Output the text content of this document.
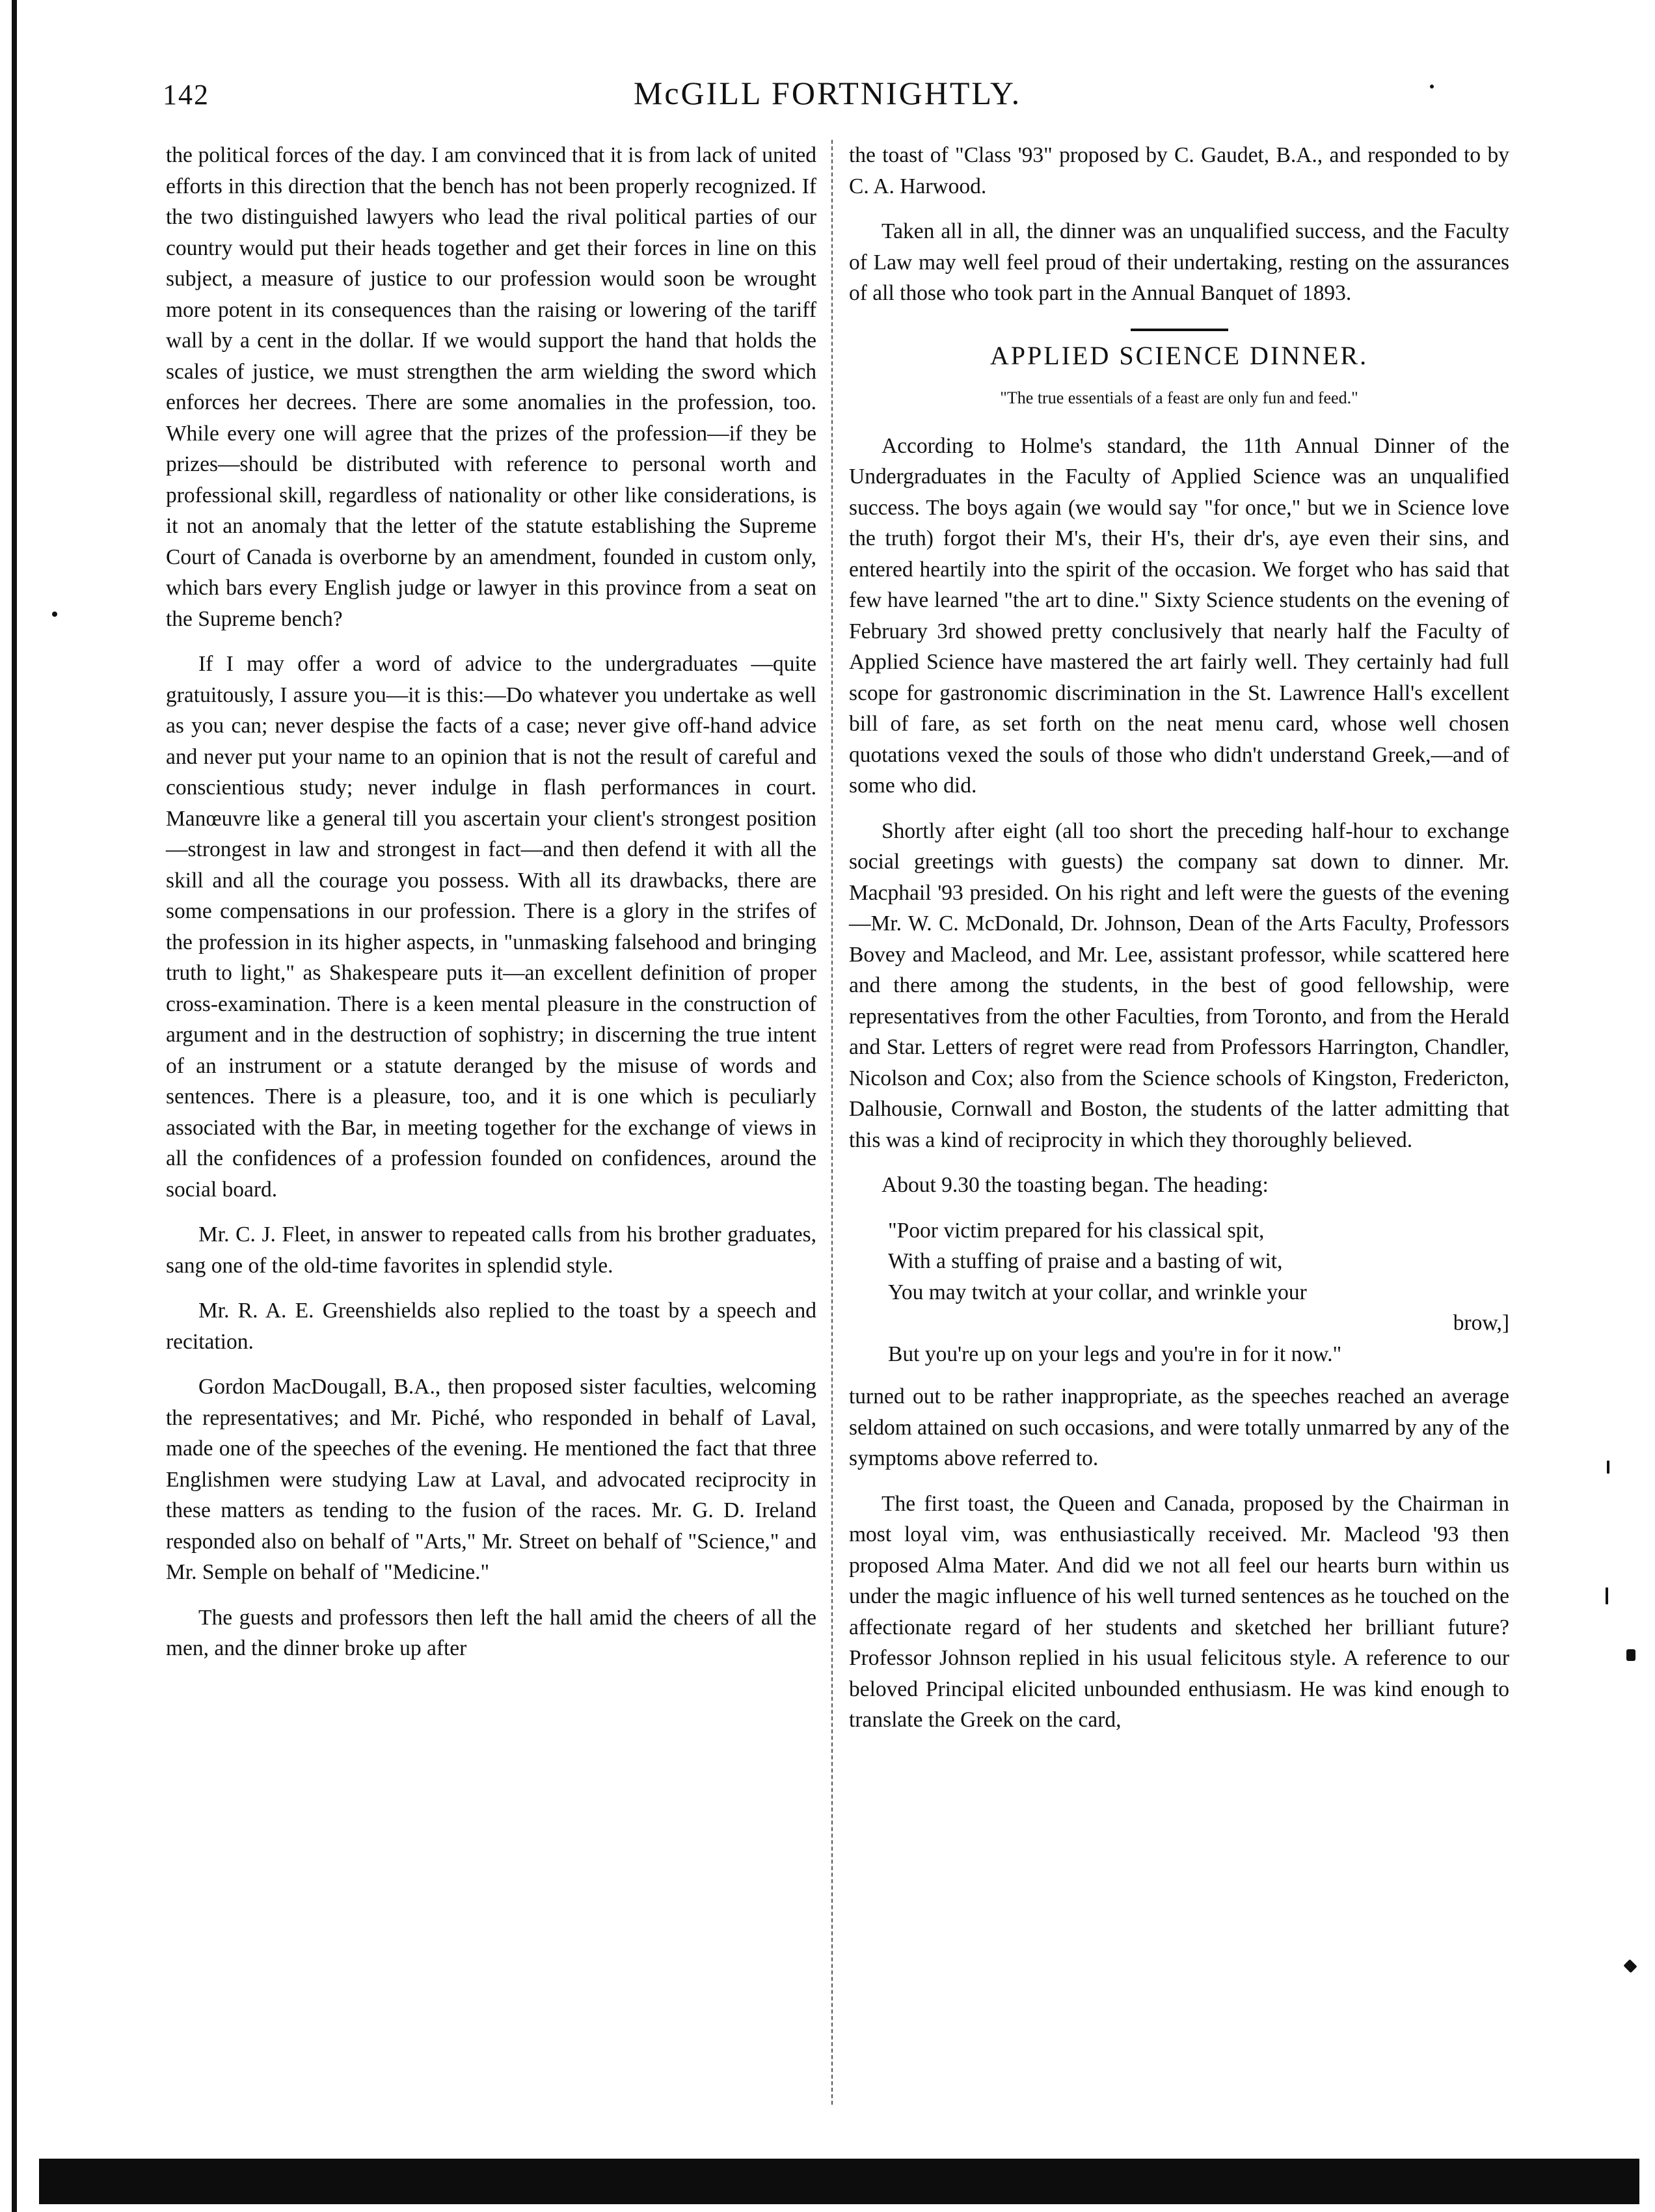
142	McGILL FORTNIGHTLY.

the political forces of the day. I am convinced that it is from lack of united efforts in this direction that the bench has not been properly recognized. If the two distinguished lawyers who lead the rival political parties of our country would put their heads together and get their forces in line on this subject, a measure of justice to our profession would soon be wrought more potent in its consequences than the raising or lowering of the tariff wall by a cent in the dollar. If we would support the hand that holds the scales of justice, we must strengthen the arm wielding the sword which enforces her decrees. There are some anomalies in the profession, too. While every one will agree that the prizes of the profession—if they be prizes—should be distributed with reference to personal worth and professional skill, regardless of nationality or other like considerations, is it not an anomaly that the letter of the statute establishing the Supreme Court of Canada is overborne by an amendment, founded in custom only, which bars every English judge or lawyer in this province from a seat on the Supreme bench?

If I may offer a word of advice to the undergraduates —quite gratuitously, I assure you—it is this:—Do whatever you undertake as well as you can; never despise the facts of a case; never give off-hand advice and never put your name to an opinion that is not the result of careful and conscientious study; never indulge in flash performances in court. Manœuvre like a general till you ascertain your client's strongest position—strongest in law and strongest in fact—and then defend it with all the skill and all the courage you possess. With all its drawbacks, there are some compensations in our profession. There is a glory in the strifes of the profession in its higher aspects, in "unmasking falsehood and bringing truth to light," as Shakespeare puts it—an excellent definition of proper cross-examination. There is a keen mental pleasure in the construction of argument and in the destruction of sophistry; in discerning the true intent of an instrument or a statute deranged by the misuse of words and sentences. There is a pleasure, too, and it is one which is peculiarly associated with the Bar, in meeting together for the exchange of views in all the confidences of a profession founded on confidences, around the social board.

Mr. C. J. Fleet, in answer to repeated calls from his brother graduates, sang one of the old-time favorites in splendid style.

Mr. R. A. E. Greenshields also replied to the toast by a speech and recitation.

Gordon MacDougall, B.A., then proposed sister faculties, welcoming the representatives; and Mr. Piché, who responded in behalf of Laval, made one of the speeches of the evening. He mentioned the fact that three Englishmen were studying Law at Laval, and advocated reciprocity in these matters as tending to the fusion of the races. Mr. G. D. Ireland responded also on behalf of "Arts," Mr. Street on behalf of "Science," and Mr. Semple on behalf of "Medicine."

The guests and professors then left the hall amid the cheers of all the men, and the dinner broke up after

the toast of "Class '93" proposed by C. Gaudet, B.A., and responded to by C. A. Harwood.

Taken all in all, the dinner was an unqualified success, and the Faculty of Law may well feel proud of their undertaking, resting on the assurances of all those who took part in the Annual Banquet of 1893.

APPLIED SCIENCE DINNER.
"The true essentials of a feast are only fun and feed."

According to Holme's standard, the 11th Annual Dinner of the Undergraduates in the Faculty of Applied Science was an unqualified success. The boys again (we would say "for once," but we in Science love the truth) forgot their M's, their H's, their dr's, aye even their sins, and entered heartily into the spirit of the occasion. We forget who has said that few have learned "the art to dine." Sixty Science students on the evening of February 3rd showed pretty conclusively that nearly half the Faculty of Applied Science have mastered the art fairly well. They certainly had full scope for gastronomic discrimination in the St. Lawrence Hall's excellent bill of fare, as set forth on the neat menu card, whose well chosen quotations vexed the souls of those who didn't understand Greek,—and of some who did.

Shortly after eight (all too short the preceding half-hour to exchange social greetings with guests) the company sat down to dinner. Mr. Macphail '93 presided. On his right and left were the guests of the evening—Mr. W. C. McDonald, Dr. Johnson, Dean of the Arts Faculty, Professors Bovey and Macleod, and Mr. Lee, assistant professor, while scattered here and there among the students, in the best of good fellowship, were representatives from the other Faculties, from Toronto, and from the Herald and Star. Letters of regret were read from Professors Harrington, Chandler, Nicolson and Cox; also from the Science schools of Kingston, Fredericton, Dalhousie, Cornwall and Boston, the students of the latter admitting that this was a kind of reciprocity in which they thoroughly believed.

About 9.30 the toasting began. The heading:

"Poor victim prepared for his classical spit,
With a stuffing of praise and a basting of wit,
You may twitch at your collar, and wrinkle your
brow,]
But you're up on your legs and you're in for it now."

turned out to be rather inappropriate, as the speeches reached an average seldom attained on such occasions, and were totally unmarred by any of the symptoms above referred to.

The first toast, the Queen and Canada, proposed by the Chairman in most loyal vim, was enthusiastically received. Mr. Macleod '93 then proposed Alma Mater. And did we not all feel our hearts burn within us under the magic influence of his well turned sentences as he touched on the affectionate regard of her students and sketched her brilliant future? Professor Johnson replied in his usual felicitous style. A reference to our beloved Principal elicited unbounded enthusiasm. He was kind enough to translate the Greek on the card,
